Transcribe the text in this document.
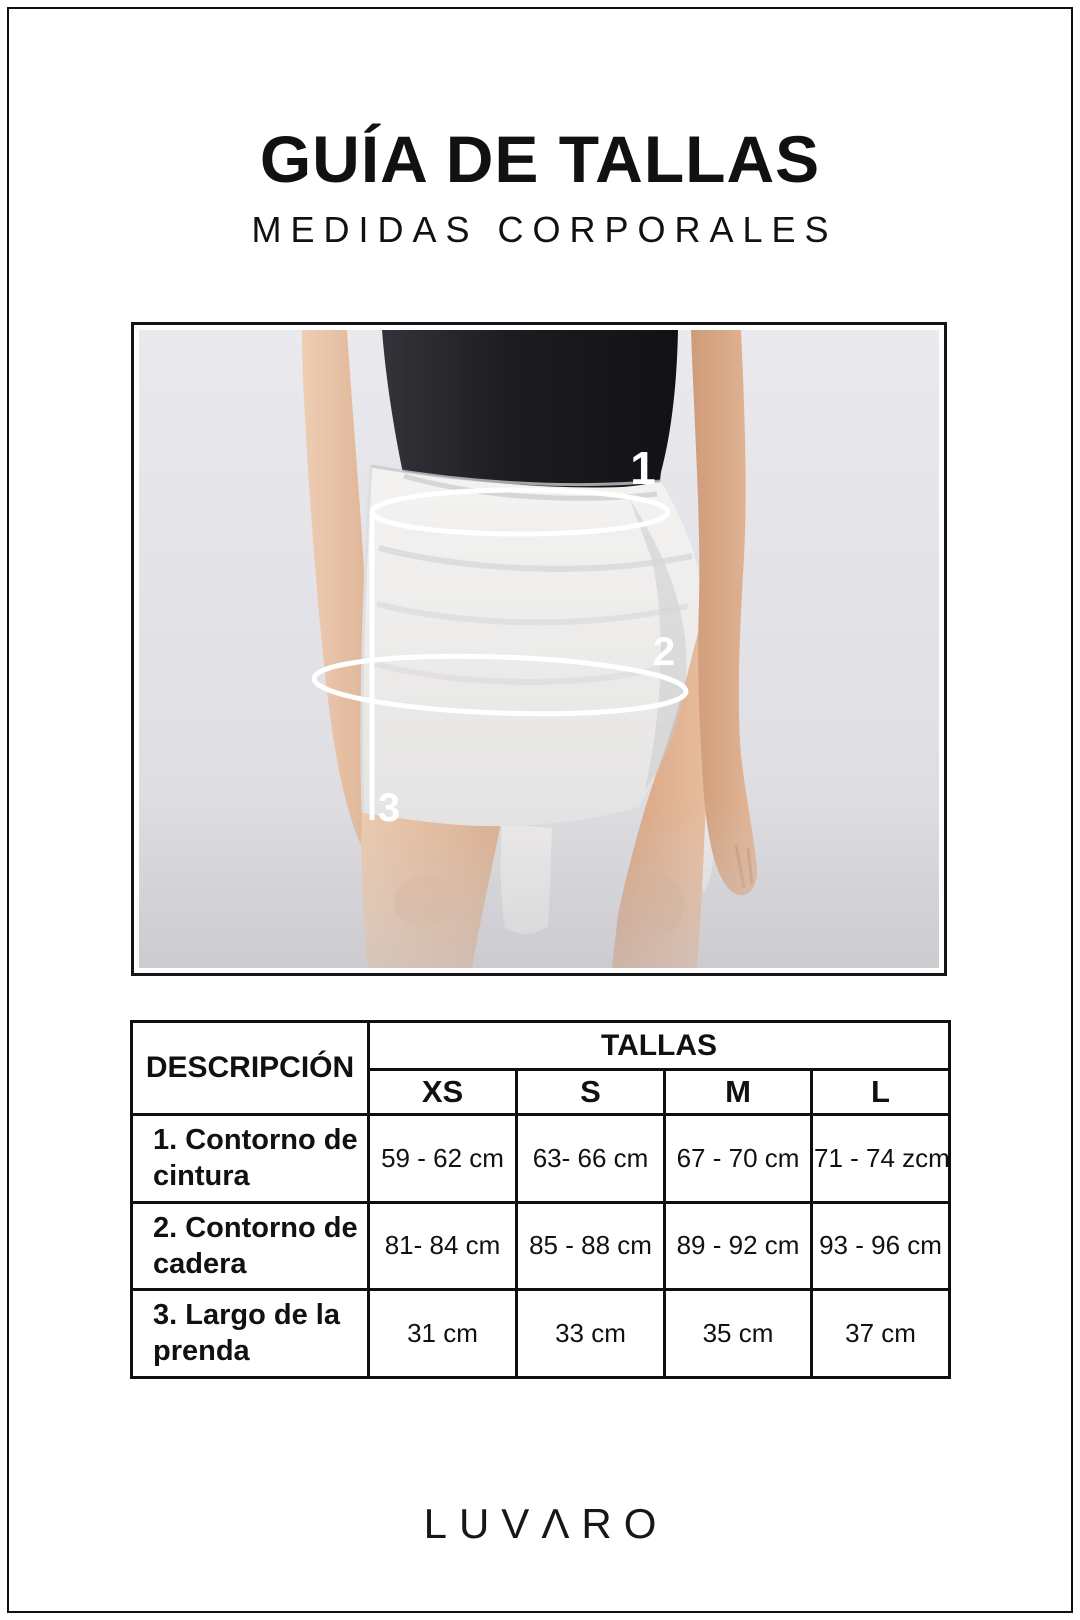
GUÍA DE TALLAS
MEDIDAS CORPORALES
1
2
3
DESCRIPCIÓN	TALLAS			
	XS	S	M	L
1. Contorno de cintura	59 - 62 cm	63- 66 cm	67 - 70 cm	71 - 74 zcm
2. Contorno de cadera	81- 84 cm	85 - 88 cm	89 - 92 cm	93 - 96 cm
3. Largo de la prenda	31 cm	33 cm	35 cm	37 cm
LUVΛRO
